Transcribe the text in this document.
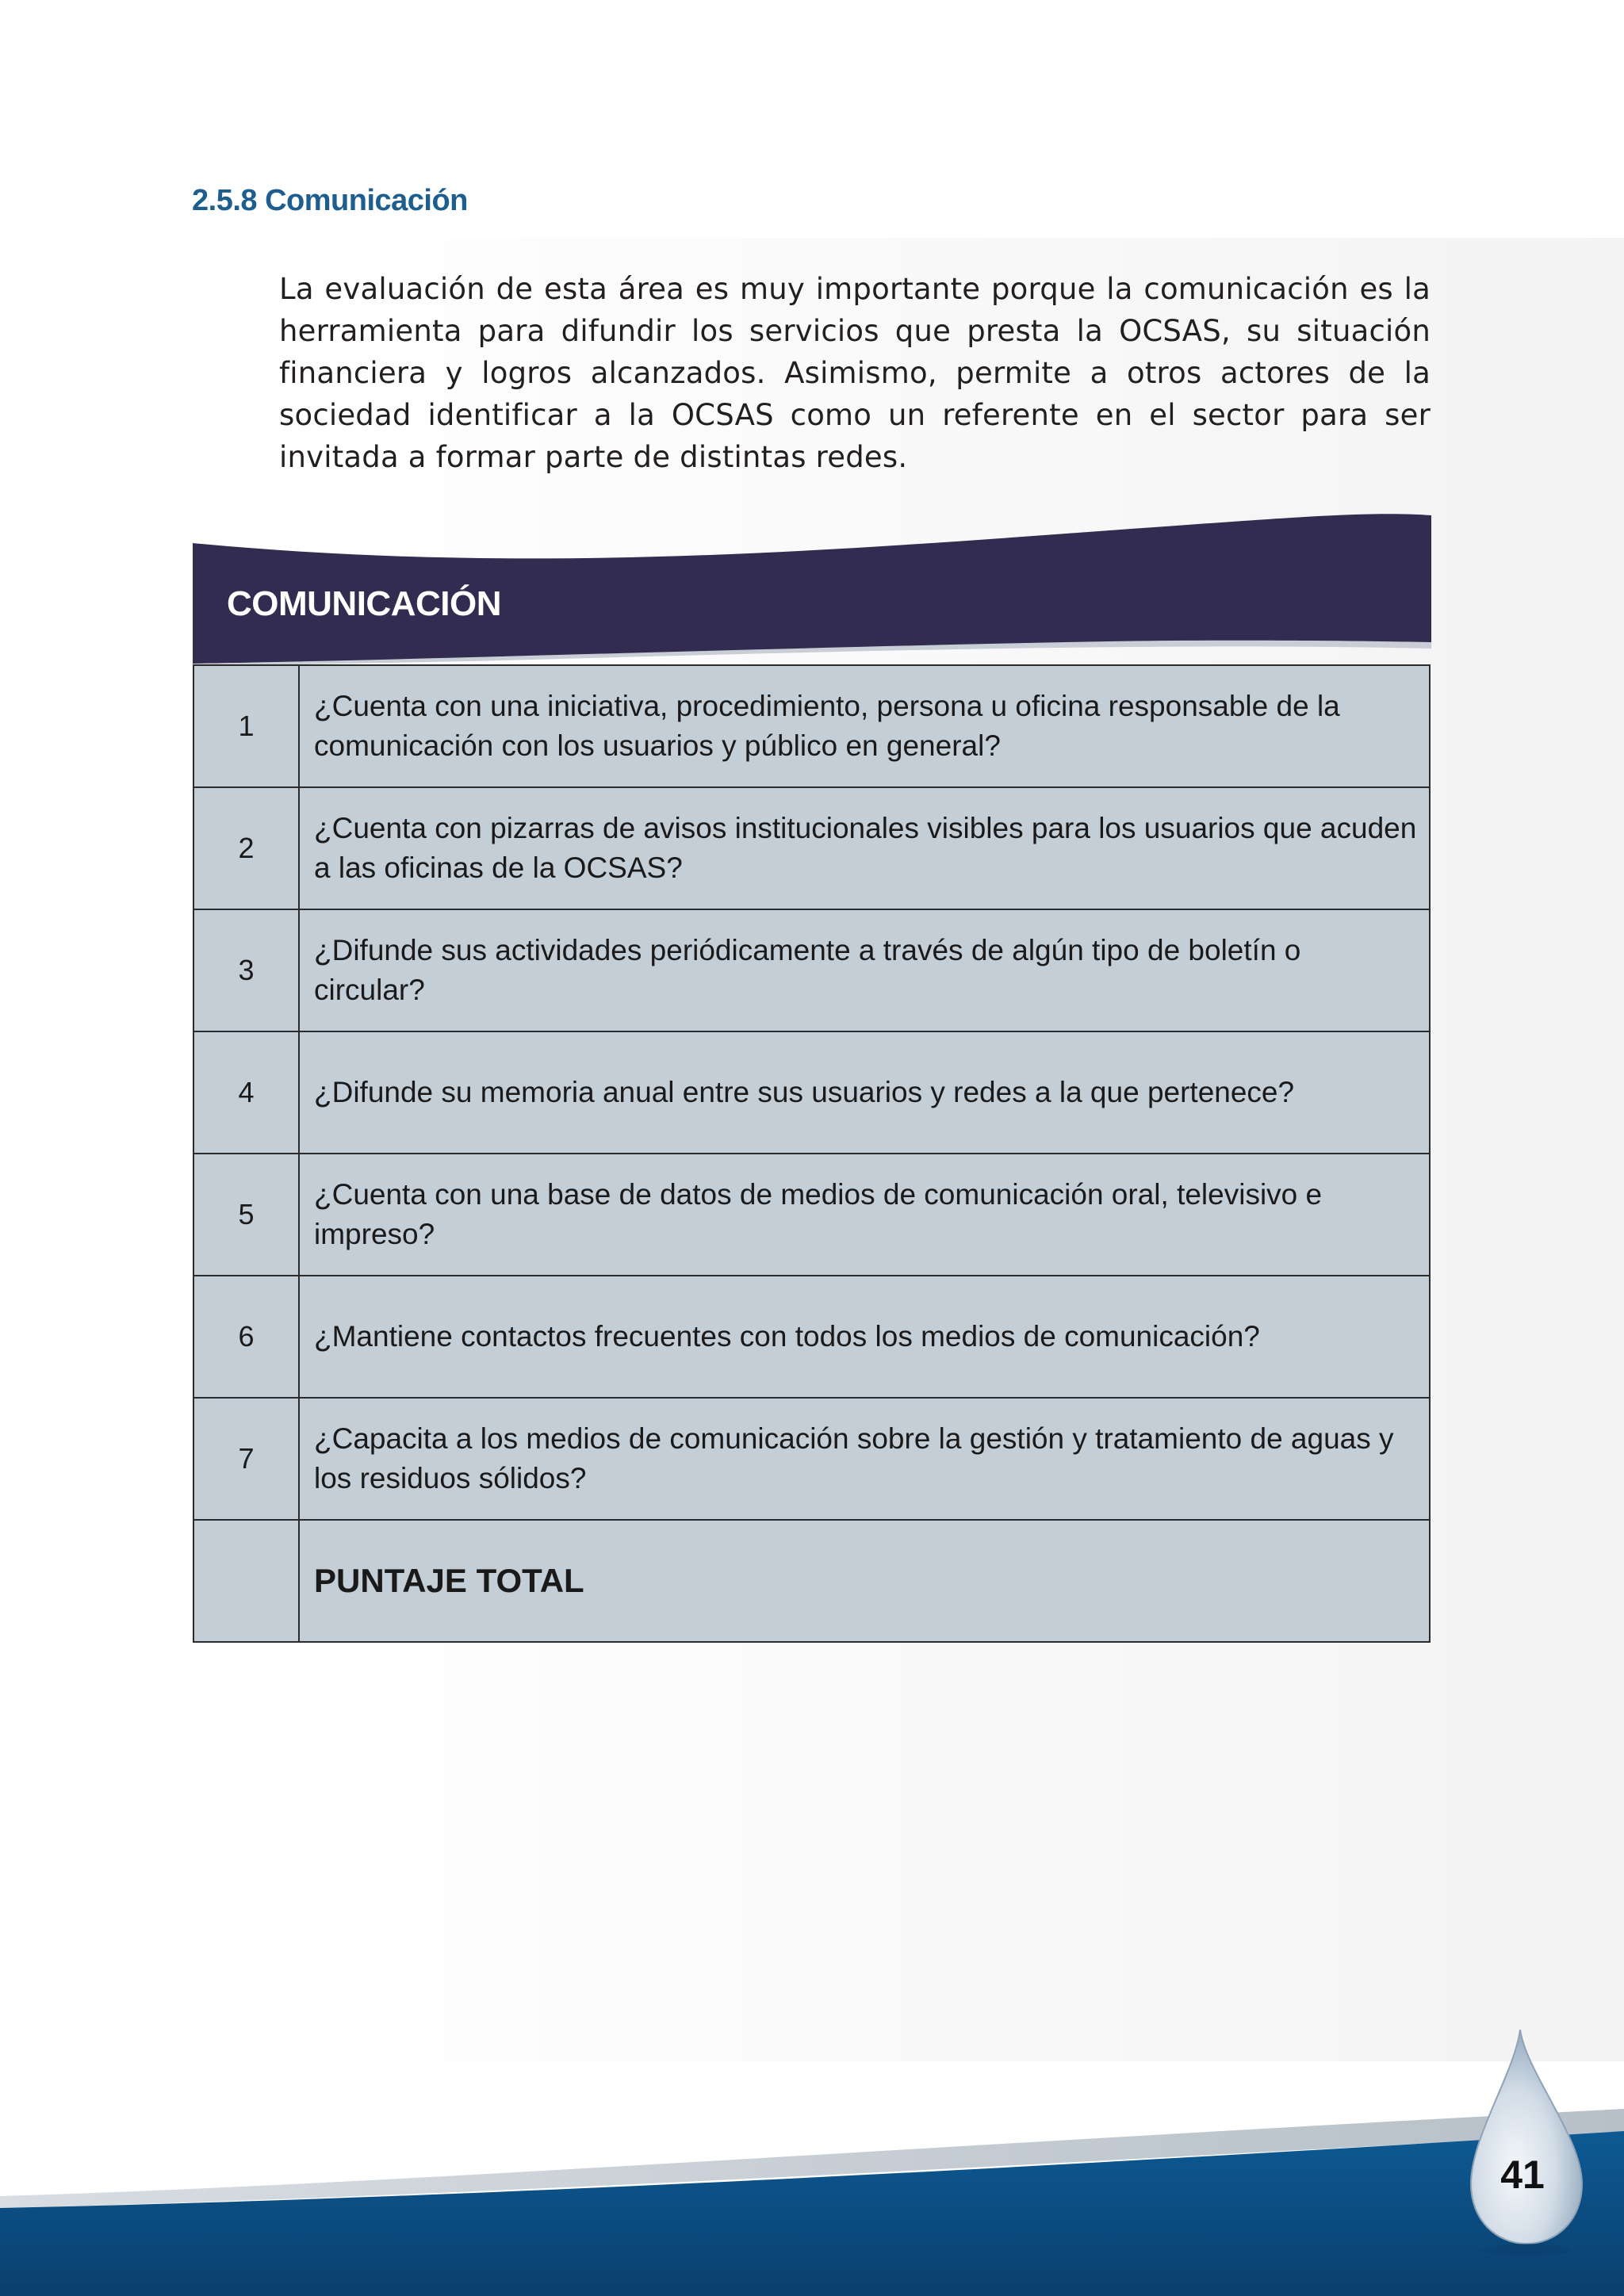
2.5.8 Comunicación

La evaluación de esta área es muy importante porque la comunicación es la herramienta para difundir los servicios que presta la OCSAS, su situación financiera y logros alcanzados. Asimismo, permite a otros actores de la sociedad identificar a la OCSAS como un referente en el sector para ser invitada a formar parte de distintas redes.

COMUNICACIÓN
1	¿Cuenta con una iniciativa, procedimiento, persona u oficina responsable de la comunicación con los usuarios y público en general?
2	¿Cuenta con pizarras de avisos institucionales visibles para los usuarios que acuden a las oficinas de la OCSAS?
3	¿Difunde sus actividades periódicamente a través de algún tipo de boletín o circular?
4	¿Difunde su memoria anual entre sus usuarios y redes a la que pertenece?
5	¿Cuenta con una base de datos de medios de comunicación oral, televisivo e impreso?
6	¿Mantiene contactos frecuentes con todos los medios de comunicación?
7	¿Capacita a los medios de comunicación sobre la gestión y tratamiento de aguas y los residuos sólidos?
	PUNTAJE TOTAL
41
